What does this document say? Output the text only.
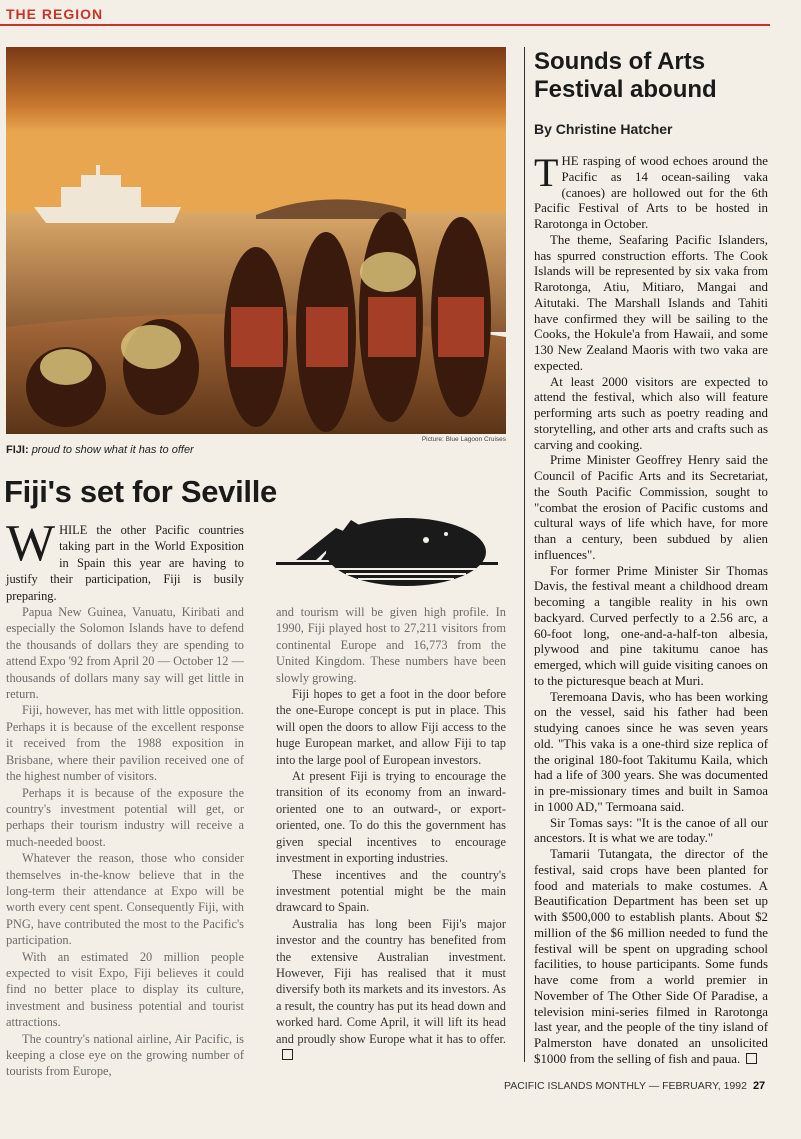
THE REGION
Picture: Blue Lagoon Cruises
FIJI: proud to show what it has to offer
Fiji's set for Seville

WHILE the other Pacific countries taking part in the World Exposition in Spain this year are having to justify their participation, Fiji is busily preparing.

Papua New Guinea, Vanuatu, Kiribati and especially the Solomon Islands have to defend the thousands of dollars they are spending to attend Expo '92 from April 20 — October 12 — thousands of dollars many say will get little in return.

Fiji, however, has met with little opposition. Perhaps it is because of the excellent response it received from the 1988 exposition in Brisbane, where their pavilion received one of the highest number of visitors.

Perhaps it is because of the exposure the country's investment potential will get, or perhaps their tourism industry will receive a much-needed boost.

Whatever the reason, those who consider themselves in-the-know believe that in the long-term their attendance at Expo will be worth every cent spent. Consequently Fiji, with PNG, have contributed the most to the Pacific's participation.

With an estimated 20 million people expected to visit Expo, Fiji believes it could find no better place to display its culture, investment and business potential and tourist attractions.

The country's national airline, Air Pacific, is keeping a close eye on the growing number of tourists from Europe,

and tourism will be given high profile. In 1990, Fiji played host to 27,211 visitors from continental Europe and 16,773 from the United Kingdom. These numbers have been slowly growing.

Fiji hopes to get a foot in the door before the one-Europe concept is put in place. This will open the doors to allow Fiji access to the huge European market, and allow Fiji to tap into the large pool of European investors.

At present Fiji is trying to encourage the transition of its economy from an inward-oriented one to an outward-, or export-oriented, one. To do this the government has given special incentives to encourage investment in exporting industries.

These incentives and the country's investment potential might be the main drawcard to Spain.

Australia has long been Fiji's major investor and the country has benefited from the extensive Australian investment. However, Fiji has realised that it must diversify both its markets and its investors. As a result, the country has put its head down and worked hard. Come April, it will lift its head and proudly show Europe what it has to offer.

Sounds of Arts Festival abound
By Christine Hatcher

THE rasping of wood echoes around the Pacific as 14 ocean-sailing vaka (canoes) are hollowed out for the 6th Pacific Festival of Arts to be hosted in Rarotonga in October.

The theme, Seafaring Pacific Islanders, has spurred construction efforts. The Cook Islands will be represented by six vaka from Rarotonga, Atiu, Mitiaro, Mangai and Aitutaki. The Marshall Islands and Tahiti have confirmed they will be sailing to the Cooks, the Hokule'a from Hawaii, and some 130 New Zealand Maoris with two vaka are expected.

At least 2000 visitors are expected to attend the festival, which also will feature performing arts such as poetry reading and storytelling, and other arts and crafts such as carving and cooking.

Prime Minister Geoffrey Henry said the Council of Pacific Arts and its Secretariat, the South Pacific Commission, sought to "combat the erosion of Pacific customs and cultural ways of life which have, for more than a century, been subdued by alien influences".

For former Prime Minister Sir Thomas Davis, the festival meant a childhood dream becoming a tangible reality in his own backyard. Curved perfectly to a 2.56 arc, a 60-foot long, one-and-a-half-ton albesia, plywood and pine takitumu canoe has emerged, which will guide visiting canoes on to the picturesque beach at Muri.

Teremoana Davis, who has been working on the vessel, said his father had been studying canoes since he was seven years old. "This vaka is a one-third size replica of the original 180-foot Takitumu Kaila, which had a life of 300 years. She was documented in pre-missionary times and built in Samoa in 1000 AD," Termoana said.

Sir Tomas says: "It is the canoe of all our ancestors. It is what we are today."

Tamarii Tutangata, the director of the festival, said crops have been planted for food and materials to make costumes. A Beautification Department has been set up with $500,000 to establish plants. About $2 million of the $6 million needed to fund the festival will be spent on upgrading school facilities, to house participants. Some funds have come from a world premier in November of The Other Side Of Paradise, a television mini-series filmed in Rarotonga last year, and the people of the tiny island of Palmerston have donated an unsolicited $1000 from the selling of fish and paua.

PACIFIC ISLANDS MONTHLY — FEBRUARY, 1992 27
